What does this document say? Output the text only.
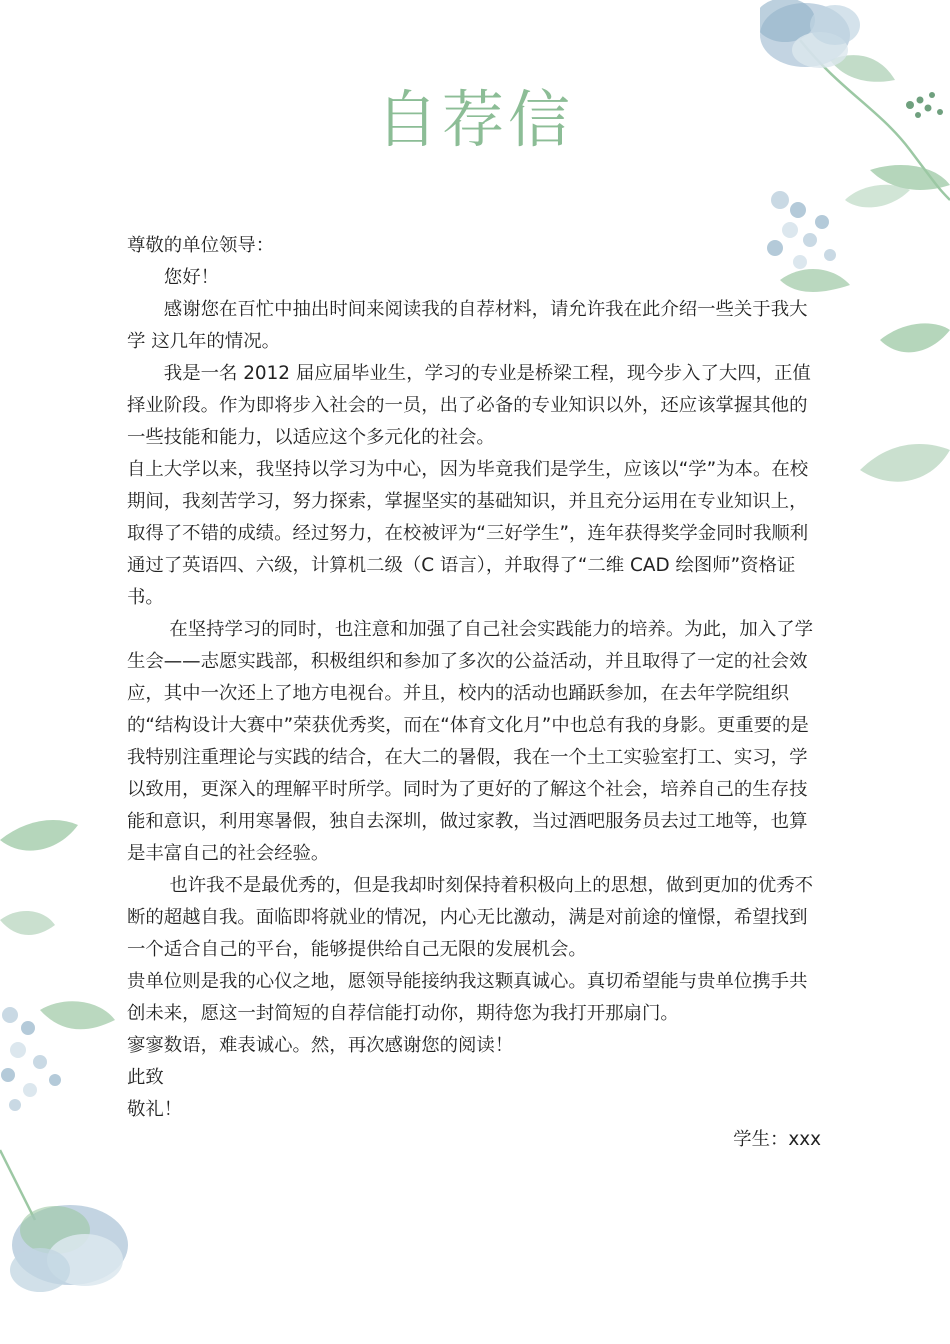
自荐信

尊敬的单位领导：

您好！

感谢您在百忙中抽出时间来阅读我的自荐材料，请允许我在此介绍一些关于我大学 这几年的情况。

我是一名 2012 届应届毕业生，学习的专业是桥梁工程，现今步入了大四，正值择业阶段。作为即将步入社会的一员，出了必备的专业知识以外，还应该掌握其他的一些技能和能力，以适应这个多元化的社会。

自上大学以来，我坚持以学习为中心，因为毕竟我们是学生，应该以“学”为本。在校期间，我刻苦学习，努力探索，掌握坚实的基础知识，并且充分运用在专业知识上，取得了不错的成绩。经过努力，在校被评为“三好学生”，连年获得奖学金同时我顺利通过了英语四、六级，计算机二级（C 语言），并取得了“二维 CAD 绘图师”资格证书。

在坚持学习的同时，也注意和加强了自己社会实践能力的培养。为此，加入了学生会——志愿实践部，积极组织和参加了多次的公益活动，并且取得了一定的社会效应，其中一次还上了地方电视台。并且，校内的活动也踊跃参加，在去年学院组织的“结构设计大赛中”荣获优秀奖，而在“体育文化月”中也总有我的身影。更重要的是我特别注重理论与实践的结合，在大二的暑假，我在一个土工实验室打工、实习，学以致用，更深入的理解平时所学。同时为了更好的了解这个社会，培养自己的生存技能和意识，利用寒暑假，独自去深圳，做过家教，当过酒吧服务员去过工地等，也算是丰富自己的社会经验。

也许我不是最优秀的，但是我却时刻保持着积极向上的思想，做到更加的优秀不断的超越自我。面临即将就业的情况，内心无比激动，满是对前途的憧憬，希望找到一个适合自己的平台，能够提供给自己无限的发展机会。

贵单位则是我的心仪之地，愿领导能接纳我这颗真诚心。真切希望能与贵单位携手共创未来，愿这一封简短的自荐信能打动你，期待您为我打开那扇门。

寥寥数语，难表诚心。然，再次感谢您的阅读！

此致

敬礼！

学生：xxx
